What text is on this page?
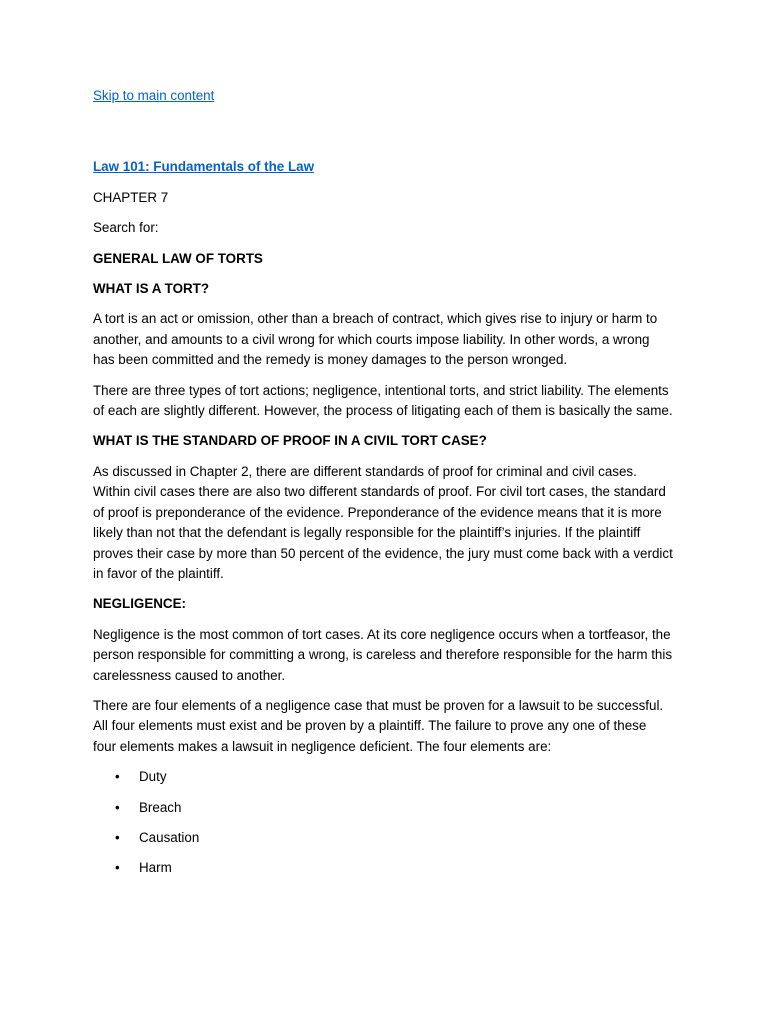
Skip to main content
Law 101: Fundamentals of the Law
CHAPTER 7
Search for:
GENERAL LAW OF TORTS
WHAT IS A TORT?

A tort is an act or omission, other than a breach of contract, which gives rise to injury or harm to another, and amounts to a civil wrong for which courts impose liability. In other words, a wrong has been committed and the remedy is money damages to the person wronged.

There are three types of tort actions; negligence, intentional torts, and strict liability. The elements of each are slightly different. However, the process of litigating each of them is basically the same.

WHAT IS THE STANDARD OF PROOF IN A CIVIL TORT CASE?

As discussed in Chapter 2, there are different standards of proof for criminal and civil cases. Within civil cases there are also two different standards of proof. For civil tort cases, the standard of proof is preponderance of the evidence. Preponderance of the evidence means that it is more likely than not that the defendant is legally responsible for the plaintiff’s injuries. If the plaintiff proves their case by more than 50 percent of the evidence, the jury must come back with a verdict in favor of the plaintiff.

NEGLIGENCE:

Negligence is the most common of tort cases. At its core negligence occurs when a tortfeasor, the person responsible for committing a wrong, is careless and therefore responsible for the harm this carelessness caused to another.

There are four elements of a negligence case that must be proven for a lawsuit to be successful. All four elements must exist and be proven by a plaintiff. The failure to prove any one of these four elements makes a lawsuit in negligence deficient. The four elements are:

• Duty
• Breach
• Causation
• Harm
